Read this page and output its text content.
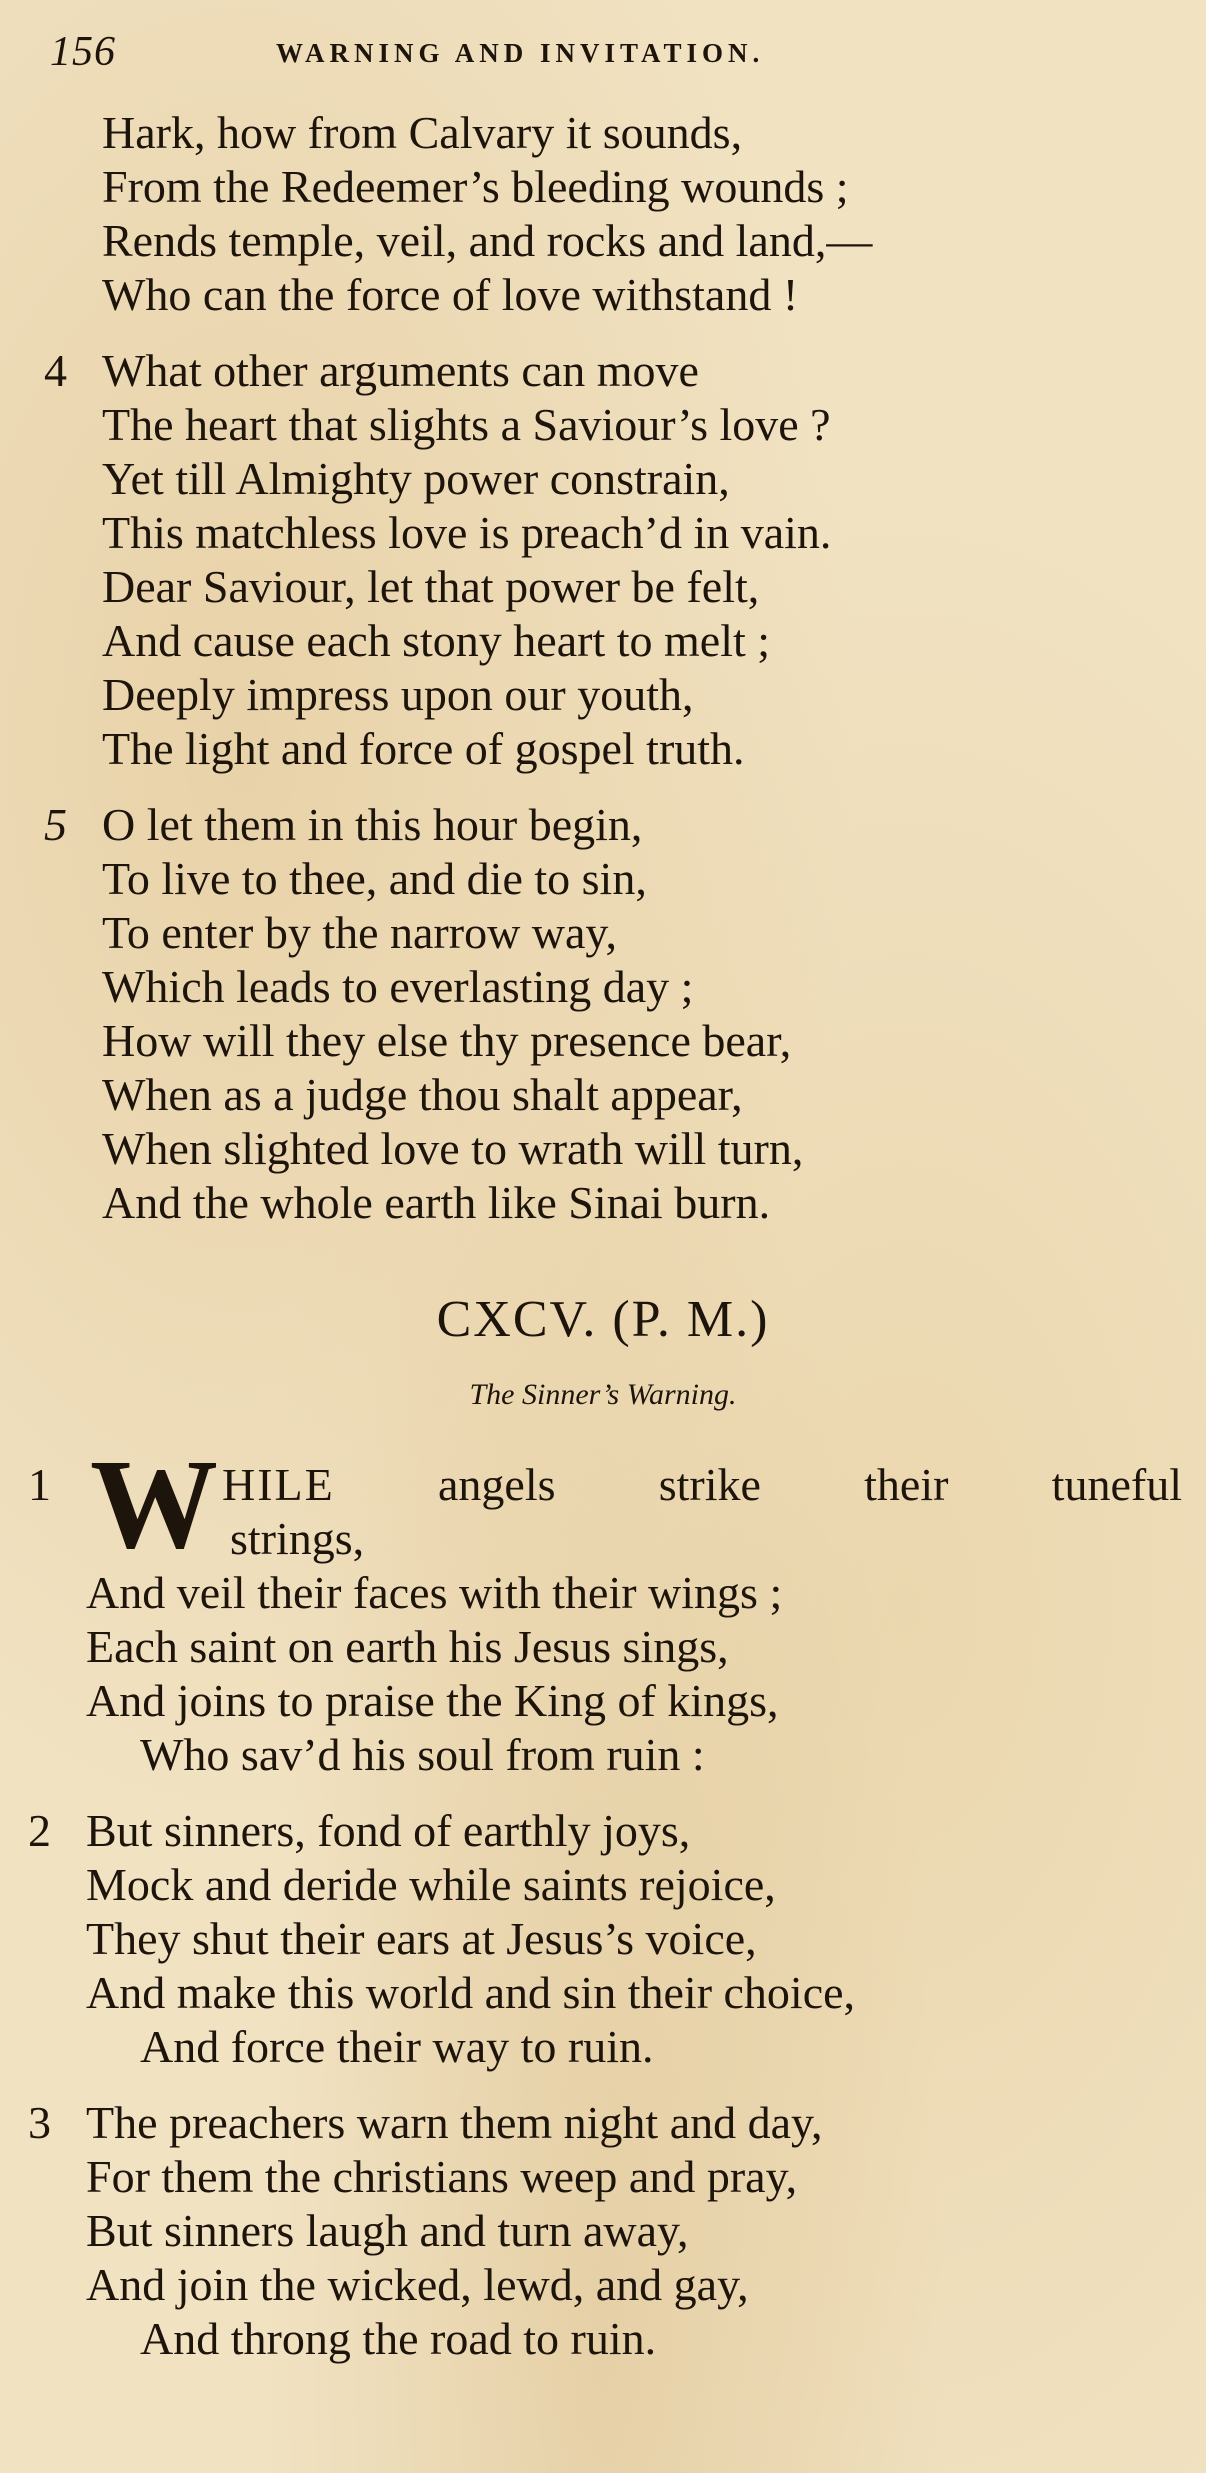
156	WARNING AND INVITATION.
Hark, how from Calvary it sounds,
From the Redeemer’s bleeding wounds ;
Rends temple, veil, and rocks and land,—
Who can the force of love withstand !
4 What other arguments can move
The heart that slights a Saviour’s love ?
Yet till Almighty power constrain,
This matchless love is preach’d in vain.
Dear Saviour, let that power be felt,
And cause each stony heart to melt ;
Deeply impress upon our youth,
The light and force of gospel truth.
5 O let them in this hour begin,
To live to thee, and die to sin,
To enter by the narrow way,
Which leads to everlasting day ;
How will they else thy presence bear,
When as a judge thou shalt appear,
When slighted love to wrath will turn,
And the whole earth like Sinai burn.
CXCV. (P. M.)
The Sinner’s Warning.
1 W HILE angels strike their tuneful
strings,
And veil their faces with their wings ;
Each saint on earth his Jesus sings,
And joins to praise the King of kings,
Who sav’d his soul from ruin :
2 But sinners, fond of earthly joys,
Mock and deride while saints rejoice,
They shut their ears at Jesus’s voice,
And make this world and sin their choice,
And force their way to ruin.
3 The preachers warn them night and day,
For them the christians weep and pray,
But sinners laugh and turn away,
And join the wicked, lewd, and gay,
And throng the road to ruin.
